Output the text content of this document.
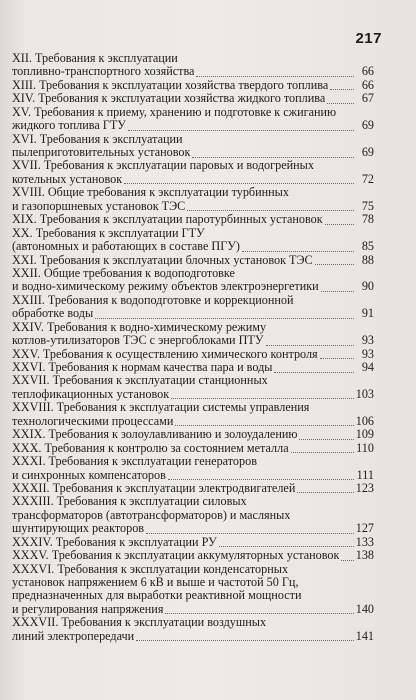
217
XII. Требования к эксплуатации
топливно-транспортного хозяйства	66
XIII. Требования к эксплуатации хозяйства твердого топлива	66
XIV. Требования к эксплуатации хозяйства жидкого топлива	67
XV. Требования к приему, хранению и подготовке к сжиганию
жидкого топлива ГТУ	69
XVI. Требования к эксплуатации
пылеприготовительных установок	69
XVII. Требования к эксплуатации паровых и водогрейных
котельных установок	72
XVIII. Общие требования к эксплуатации турбинных
и газопоршневых установок ТЭС	75
XIX. Требования к эксплуатации паротурбинных установок	78
XX. Требования к эксплуатации ГТУ
(автономных и работающих в составе ПГУ)	85
XXI. Требования к эксплуатации блочных установок ТЭС	88
XXII. Общие требования к водоподготовке
и водно-химическому режиму объектов электроэнергетики	90
XXIII. Требования к водоподготовке и коррекционной
обработке воды	91
XXIV. Требования к водно-химическому режиму
котлов-утилизаторов ТЭС с энергоблоками ПТУ	93
XXV. Требования к осуществлению химического контроля	93
XXVI. Требования к нормам качества пара и воды	94
XXVII. Требования к эксплуатации станционных
теплофикационных установок	103
XXVIII. Требования к эксплуатации системы управления
технологическими процессами	106
XXIX. Требования к золоулавливанию и золоудалению	109
XXX. Требования к контролю за состоянием металла	110
XXXI. Требования к эксплуатации генераторов
и синхронных компенсаторов	111
XXXII. Требования к эксплуатации электродвигателей	123
XXXIII. Требования к эксплуатации силовых
трансформаторов (автотрансформаторов) и масляных
шунтирующих реакторов	127
XXXIV. Требования к эксплуатации РУ	133
XXXV. Требования к эксплуатации аккумуляторных установок 138
XXXVI. Требования к эксплуатации конденсаторных
установок напряжением 6 кВ и выше и частотой 50 Гц,
предназначенных для выработки реактивной мощности
и регулирования напряжения	140
XXXVII. Требования к эксплуатации воздушных
линий электропередачи	141
